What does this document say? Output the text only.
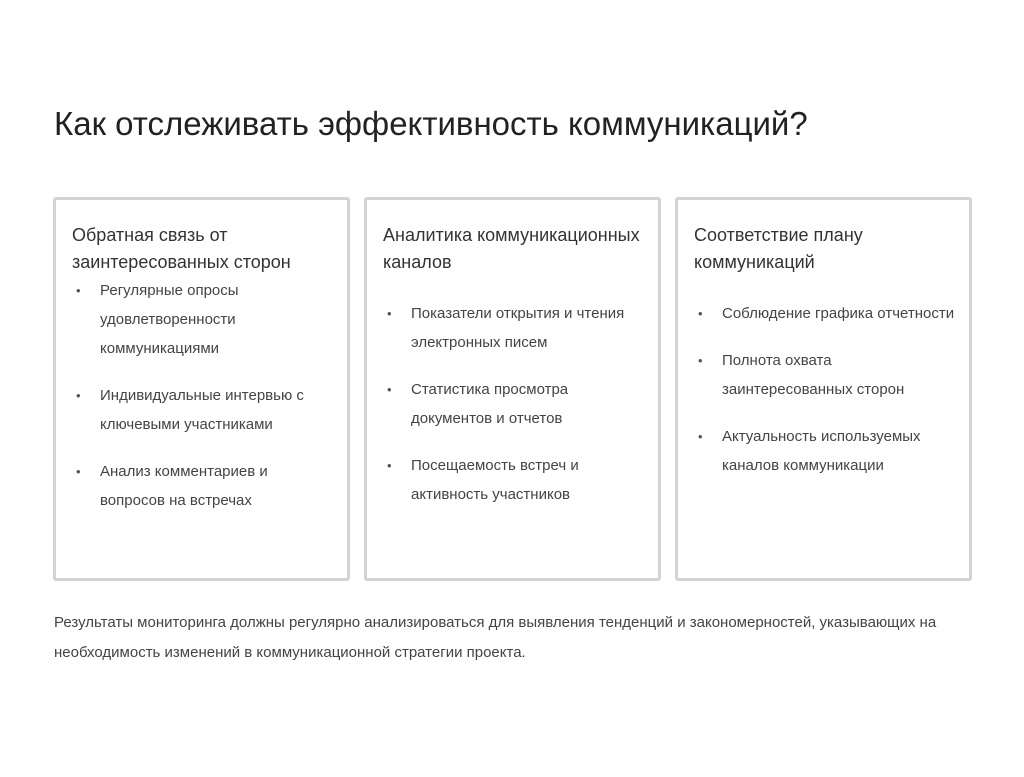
Как отслеживать эффективность коммуникаций?
Обратная связь от заинтересованных сторон
• Регулярные опросы удовлетворенности коммуникациями
• Индивидуальные интервью с ключевыми участниками
• Анализ комментариев и вопросов на встречах
Аналитика коммуникационных каналов
• Показатели открытия и чтения электронных писем
• Статистика просмотра документов и отчетов
• Посещаемость встреч и активность участников
Соответствие плану коммуникаций
• Соблюдение графика отчетности
• Полнота охвата заинтересованных сторон
• Актуальность используемых каналов коммуникации

Результаты мониторинга должны регулярно анализироваться для выявления тенденций и закономерностей, указывающих на необходимость изменений в коммуникационной стратегии проекта.
